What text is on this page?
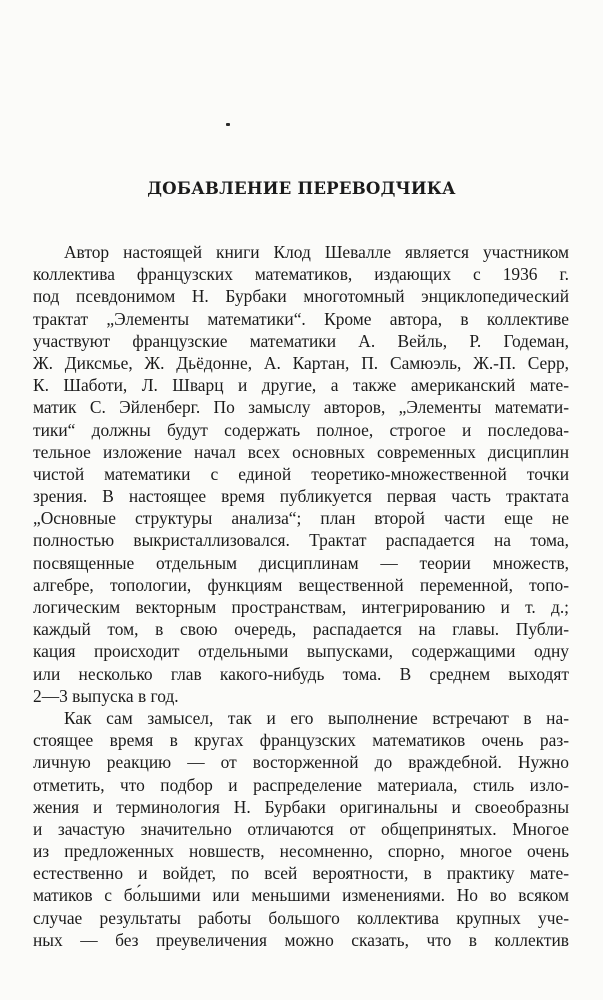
ДОБАВЛЕНИЕ ПЕРЕВОДЧИКА
Автор настоящей книги Клод Шевалле является участником
коллектива французских математиков, издающих с 1936 г.
под псевдонимом Н. Бурбаки многотомный энциклопедический
трактат „Элементы математики“. Кроме автора, в коллективе
участвуют французские математики А. Вейль, Р. Годеман,
Ж. Диксмье, Ж. Дьёдонне, А. Картан, П. Самюэль, Ж.-П. Серр,
К. Шаботи, Л. Шварц и другие, а также американский мате-
матик С. Эйленберг. По замыслу авторов, „Элементы математи-
тики“ должны будут содержать полное, строгое и последова-
тельное изложение начал всех основных современных дисциплин
чистой математики с единой теоретико-множественной точки
зрения. В настоящее время публикуется первая часть трактата
„Основные структуры анализа“; план второй части еще не
полностью выкристаллизовался. Трактат распадается на тома,
посвященные отдельным дисциплинам — теории множеств,
алгебре, топологии, функциям вещественной переменной, топо-
логическим векторным пространствам, интегрированию и т. д.;
каждый том, в свою очередь, распадается на главы. Публи-
кация происходит отдельными выпусками, содержащими одну
или несколько глав какого-нибудь тома. В среднем выходят
2—3 выпуска в год.
Как сам замысел, так и его выполнение встречают в на-
стоящее время в кругах французских математиков очень раз-
личную реакцию — от восторженной до враждебной. Нужно
отметить, что подбор и распределение материала, стиль изло-
жения и терминология Н. Бурбаки оригинальны и своеобразны
и зачастую значительно отличаются от общепринятых. Многое
из предложенных новшеств, несомненно, спорно, многое очень
естественно и войдет, по всей вероятности, в практику мате-
матиков с бо́льшими или меньшими изменениями. Но во всяком
случае результаты работы большого коллектива крупных уче-
ных — без преувеличения можно сказать, что в коллектив
